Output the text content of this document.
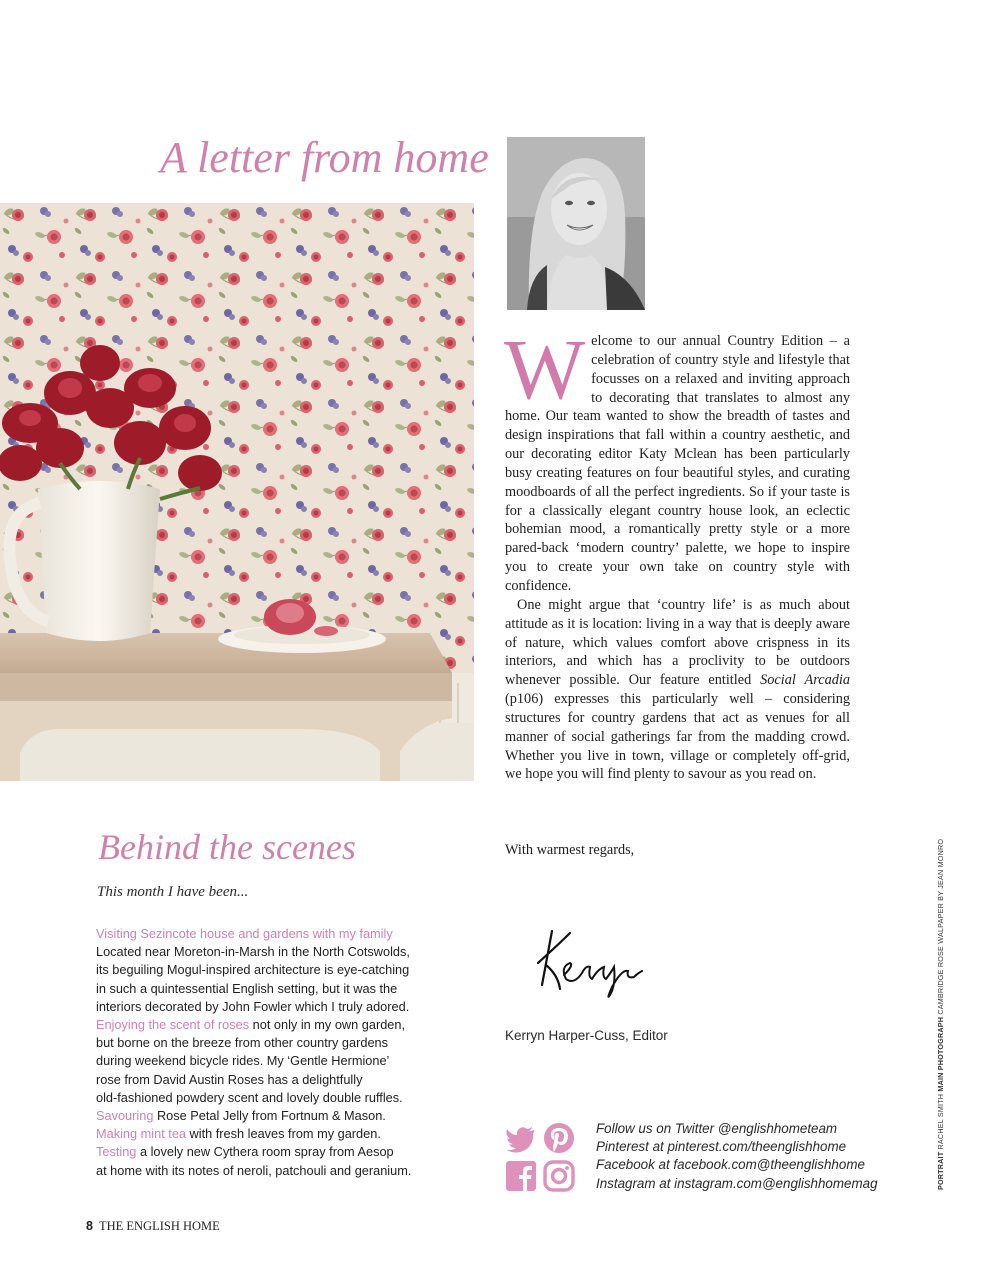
A letter from home

Welcome to our annual Country Edition – a celebration of country style and lifestyle that focusses on a relaxed and inviting approach to decorating that translates to almost any home. Our team wanted to show the breadth of tastes and design inspirations that fall within a country aesthetic, and our decorating editor Katy Mclean has been particularly busy creating features on four beautiful styles, and curating moodboards of all the perfect ingredients. So if your taste is for a classically elegant country house look, an eclectic bohemian mood, a romantically pretty style or a more pared-back ‘modern country’ palette, we hope to inspire you to create your own take on country style with confidence.

One might argue that ‘country life’ is as much about attitude as it is location: living in a way that is deeply aware of nature, which values comfort above crispness in its interiors, and which has a proclivity to be outdoors whenever possible. Our feature entitled Social Arcadia (p106) expresses this particularly well – considering structures for country gardens that act as venues for all manner of social gatherings far from the madding crowd. Whether you live in town, village or completely off-grid, we hope you will find plenty to savour as you read on.

With warmest regards,
Kerryn Harper-Cuss, Editor
Follow us on Twitter @englishhometeam
Pinterest at pinterest.com/theenglishhome
Facebook at facebook.com@theenglishhome
Instagram at instagram.com@englishhomemag
Behind the scenes
This month I have been...
Visiting Sezincote house and gardens with my family
Located near Moreton-in-Marsh in the North Cotswolds,
its beguiling Mogul-inspired architecture is eye-catching
in such a quintessential English setting, but it was the
interiors decorated by John Fowler which I truly adored.
Enjoying the scent of roses not only in my own garden,
but borne on the breeze from other country gardens
during weekend bicycle rides. My ‘Gentle Hermione’
rose from David Austin Roses has a delightfully
old-fashioned powdery scent and lovely double ruffles.
Savouring Rose Petal Jelly from Fortnum & Mason.
Making mint tea with fresh leaves from my garden.
Testing a lovely new Cythera room spray from Aesop
at home with its notes of neroli, patchouli and geranium.	PORTRAIT RACHEL SMITH MAIN PHOTOGRAPH CAMBRIDGE ROSE WALPAPER BY JEAN MONRO
8 THE ENGLISH HOME
